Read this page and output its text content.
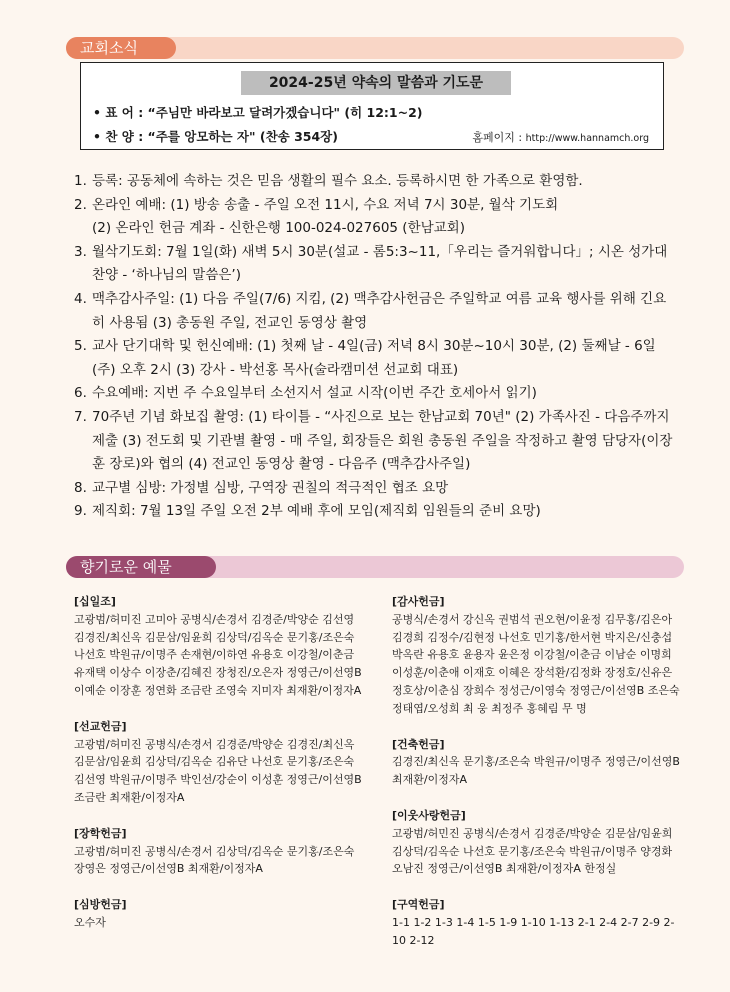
교회소식
2024-25년 약속의 말씀과 기도문
• 표 어 : “주님만 바라보고 달려가겠습니다" (히 12:1~2)
• 찬 양 : “주를 앙모하는 자" (찬송 354장)	홈페이지 : http://www.hannamch.org
1. 등록: 공동체에 속하는 것은 믿음 생활의 필수 요소. 등록하시면 한 가족으로 환영함.
2. 온라인 예배: (1) 방송 송출 - 주일 오전 11시, 수요 저녁 7시 30분, 월삭 기도회
(2) 온라인 헌금 계좌 - 신한은행 100-024-027605 (한남교회)
3. 월삭기도회: 7월 1일(화) 새벽 5시 30분(설교 - 롬5:3~11,「우리는 즐거워합니다」; 시온 성가대 찬양 - ‘하나님의 말씀은’)
4. 맥추감사주일: (1) 다음 주일(7/6) 지킴, (2) 맥추감사헌금은 주일학교 여름 교육 행사를 위해 긴요히 사용됨 (3) 총동원 주일, 전교인 동영상 촬영
5. 교사 단기대학 및 헌신예배: (1) 첫째 날 - 4일(금) 저녁 8시 30분~10시 30분, (2) 둘째날 - 6일(주) 오후 2시 (3) 강사 - 박선홍 목사(술라캠미션 선교회 대표)
6. 수요예배: 지번 주 수요일부터 소선지서 설교 시작(이번 주간 호세아서 읽기)
7. 70주년 기념 화보집 촬영: (1) 타이틀 - “사진으로 보는 한남교회 70년" (2) 가족사진 - 다음주까지 제출 (3) 전도회 및 기관별 촬영 - 매 주일, 회장들은 회원 총동원 주일을 작정하고 촬영 담당자(이장훈 장로)와 협의 (4) 전교인 동영상 촬영 - 다음주 (맥추감사주일)
8. 교구별 심방: 가정별 심방, 구역장 권칠의 적극적인 협조 요망
9. 제직회: 7월 13일 주일 오전 2부 예배 후에 모임(제직회 임원들의 준비 요망)
향기로운 예물
[십일조]
고광범/허미진 고미아 공병식/손경서 김경준/박양순 김선영 김경진/최신옥 김문삼/임윤희 김상덕/김옥순 문기홍/조은숙 나선호 박원규/이명주 손재현/이하연 유용호 이강철/이춘금 유재택 이상수 이장춘/김혜진 장청진/오은자 정영근/이선영B 이예순 이장훈 정연화 조금란 조영숙 지미자 최재환/이정자A
[선교헌금]
고광범/허미진 공병식/손경서 김경준/박양순 김경진/최신옥 김문삼/임윤희 김상덕/김옥순 김유단 나선호 문기홍/조은숙 김선영 박원규/이명주 박인선/강순이 이성훈 정영근/이선영B 조금란 최재환/이정자A
[장학헌금]
고광범/허미진 공병식/손경서 김상덕/김옥순 문기홍/조은숙 장영은 정영근/이선영B 최재환/이정자A
[심방헌금]
오수자
[감사헌금]
공병식/손경서 강신옥 권범석 권오현/이윤정 김무홍/김은아 김경희 김정수/김현정 나선호 민기홍/한서현 박지은/신충섭 박옥란 유용호 윤용자 윤은정 이강철/이춘금 이남순 이명희 이성훈/이춘애 이재호 이혜은 장석환/김정화 장정호/신유은 정호상/이춘심 장희수 정성근/이영숙 정영근/이선영B 조은숙 정태엽/오성희 최 웅 최정주 홍혜림 무 명
[건축헌금]
김경진/최신옥 문기홍/조은숙 박원규/이명주 정영근/이선영B 최재환/이정자A
[이웃사랑헌금]
고광범/허민진 공병식/손경서 김경준/박양순 김문삼/임윤희 김상덕/김옥순 나선호 문기홍/조은숙 박원규/이명주 양경화 오남진 정영근/이선영B 최재환/이정자A 한정실
[구역헌금]
1-1 1-2 1-3 1-4 1-5 1-9 1-10 1-13 2-1 2-4 2-7 2-9 2-10 2-12
